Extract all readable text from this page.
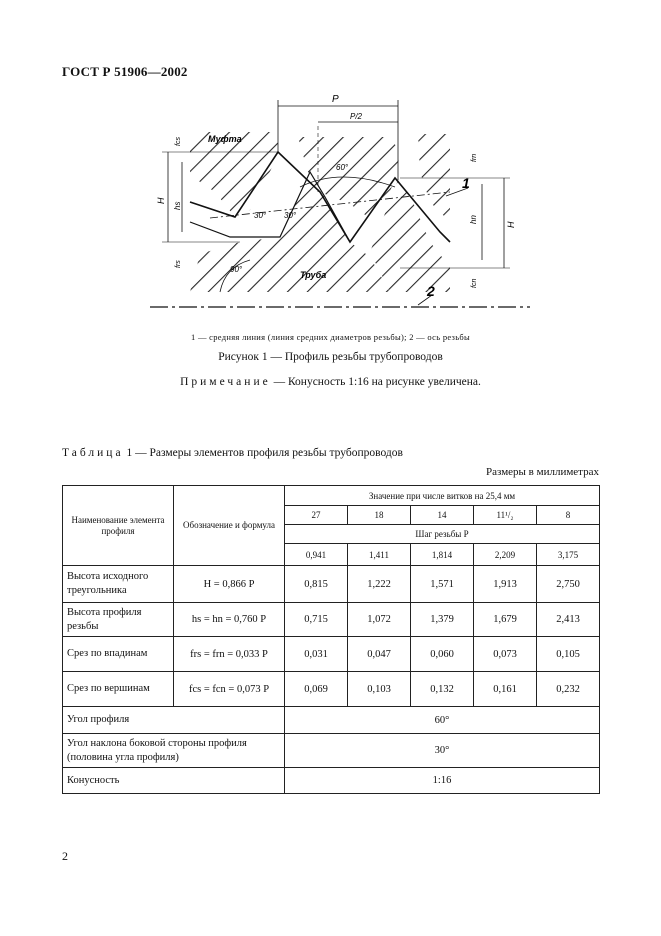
ГОСТ Р 51906—2002
P
P/2
Муфта
Труба
60°
30° 30°
90°
H
hs
fcs
frs
frn
hn
H
fcn
1
2
1 — средняя линия (линия средних диаметров резьбы); 2 — ось резьбы
Рисунок 1 — Профиль резьбы трубопроводов
Примечание — Конусность 1:16 на рисунке увеличена.
Таблица 1 — Размеры элементов профиля резьбы трубопроводов
Размеры в миллиметрах
Наименование элемента профиля	Обозначение и формула	Значение при числе витков на 25,4 мм				
		27	18	14	11¹/₂	8
		Шаг резьбы P				
		0,941	1,411	1,814	2,209	3,175
Высота исходного треугольника	H = 0,866 P	0,815	1,222	1,571	1,913	2,750
Высота профиля резьбы	hs = hn = 0,760 P	0,715	1,072	1,379	1,679	2,413
Срез по впадинам	frs = frn = 0,033 P	0,031	0,047	0,060	0,073	0,105
Срез по вершинам	fcs = fcn = 0,073 P	0,069	0,103	0,132	0,161	0,232
Угол профиля		60°				
Угол наклона боковой стороны профиля (половина угла профиля)		30°				
Конусность		1:16				
2
